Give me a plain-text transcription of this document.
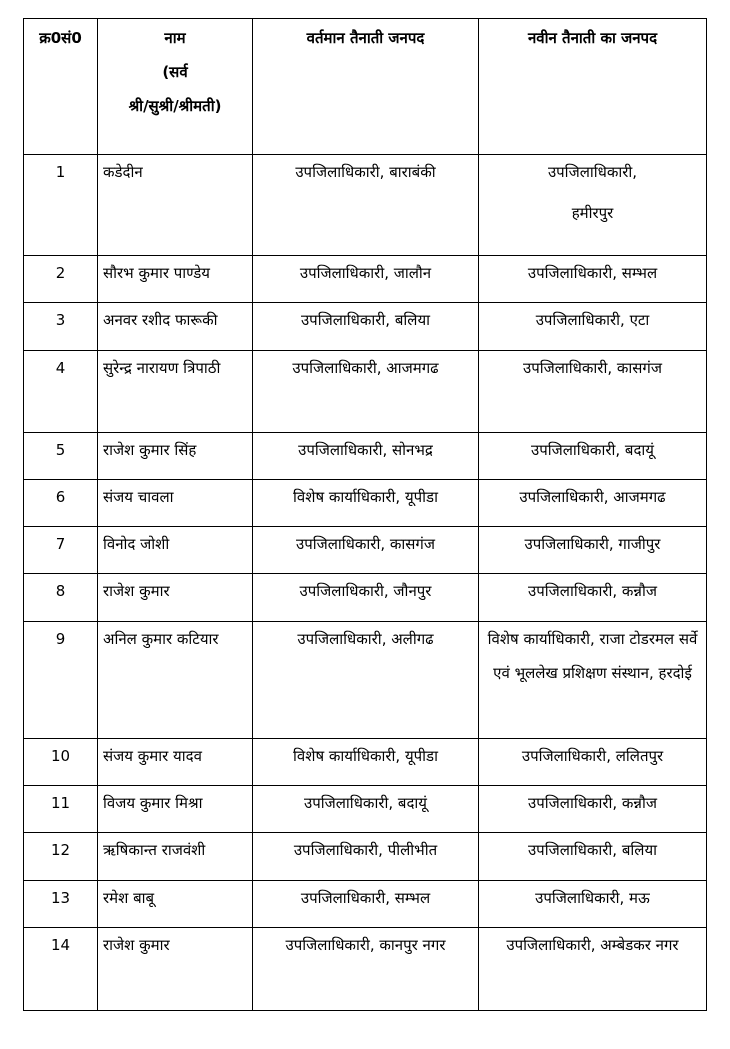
क्र0सं0	नाम
(सर्व
श्री/सुश्री/श्रीमती)	वर्तमान तैनाती जनपद	नवीन तैनाती का जनपद
1	कडेदीन	उपजिलाधिकारी, बाराबंकी	उपजिलाधिकारी,
हमीरपुर

2	सौरभ कुमार पाण्डेय	उपजिलाधिकारी, जालौन	उपजिलाधिकारी, सम्भल
3	अनवर रशीद फारूकी	उपजिलाधिकारी, बलिया	उपजिलाधिकारी, एटा
4	सुरेन्द्र नारायण त्रिपाठी	उपजिलाधिकारी, आजमगढ	उपजिलाधिकारी, कासगंज
5	राजेश कुमार सिंह	उपजिलाधिकारी, सोनभद्र	उपजिलाधिकारी, बदायूं
6	संजय चावला	विशेष कार्याधिकारी, यूपीडा	उपजिलाधिकारी, आजमगढ
7	विनोद जोशी	उपजिलाधिकारी, कासगंज	उपजिलाधिकारी, गाजीपुर
8	राजेश कुमार	उपजिलाधिकारी, जौनपुर	उपजिलाधिकारी, कन्नौज
9	अनिल कुमार कटियार	उपजिलाधिकारी, अलीगढ	विशेष कार्याधिकारी, राजा टोडरमल सर्वे एवं भूललेख प्रशिक्षण संस्थान, हरदोई
10	संजय कुमार यादव	विशेष कार्याधिकारी, यूपीडा	उपजिलाधिकारी, ललितपुर
11	विजय कुमार मिश्रा	उपजिलाधिकारी, बदायूं	उपजिलाधिकारी, कन्नौज
12	ऋषिकान्त राजवंशी	उपजिलाधिकारी, पीलीभीत	उपजिलाधिकारी, बलिया
13	रमेश बाबू	उपजिलाधिकारी, सम्भल	उपजिलाधिकारी, मऊ
14	राजेश कुमार	उपजिलाधिकारी, कानपुर नगर	उपजिलाधिकारी, अम्बेडकर नगर
